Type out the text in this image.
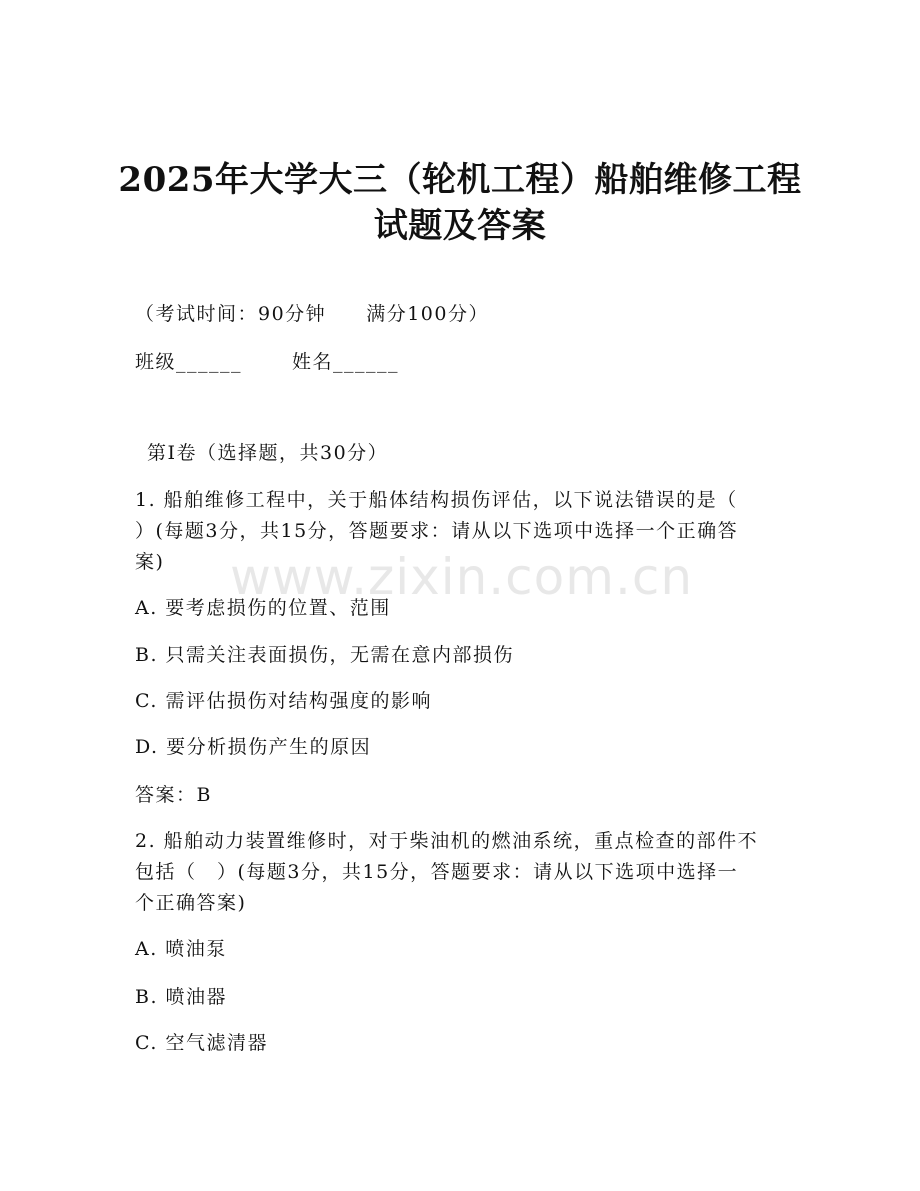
2025年大学大三（轮机工程）船舶维修工程
试题及答案
（考试时间：90分钟 满分100分）
班级______	姓名______
第Ⅰ卷（选择题，共30分）
1. 船舶维修工程中，关于船体结构损伤评估，以下说法错误的是（
）(每题3分，共15分，答题要求：请从以下选项中选择一个正确答
案)
A. 要考虑损伤的位置、范围
B. 只需关注表面损伤，无需在意内部损伤
C. 需评估损伤对结构强度的影响
D. 要分析损伤产生的原因
答案：B
2. 船舶动力装置维修时，对于柴油机的燃油系统，重点检查的部件不
包括（　）(每题3分，共15分，答题要求：请从以下选项中选择一
个正确答案)
A. 喷油泵
B. 喷油器
C. 空气滤清器
www.zixin.com.cn
